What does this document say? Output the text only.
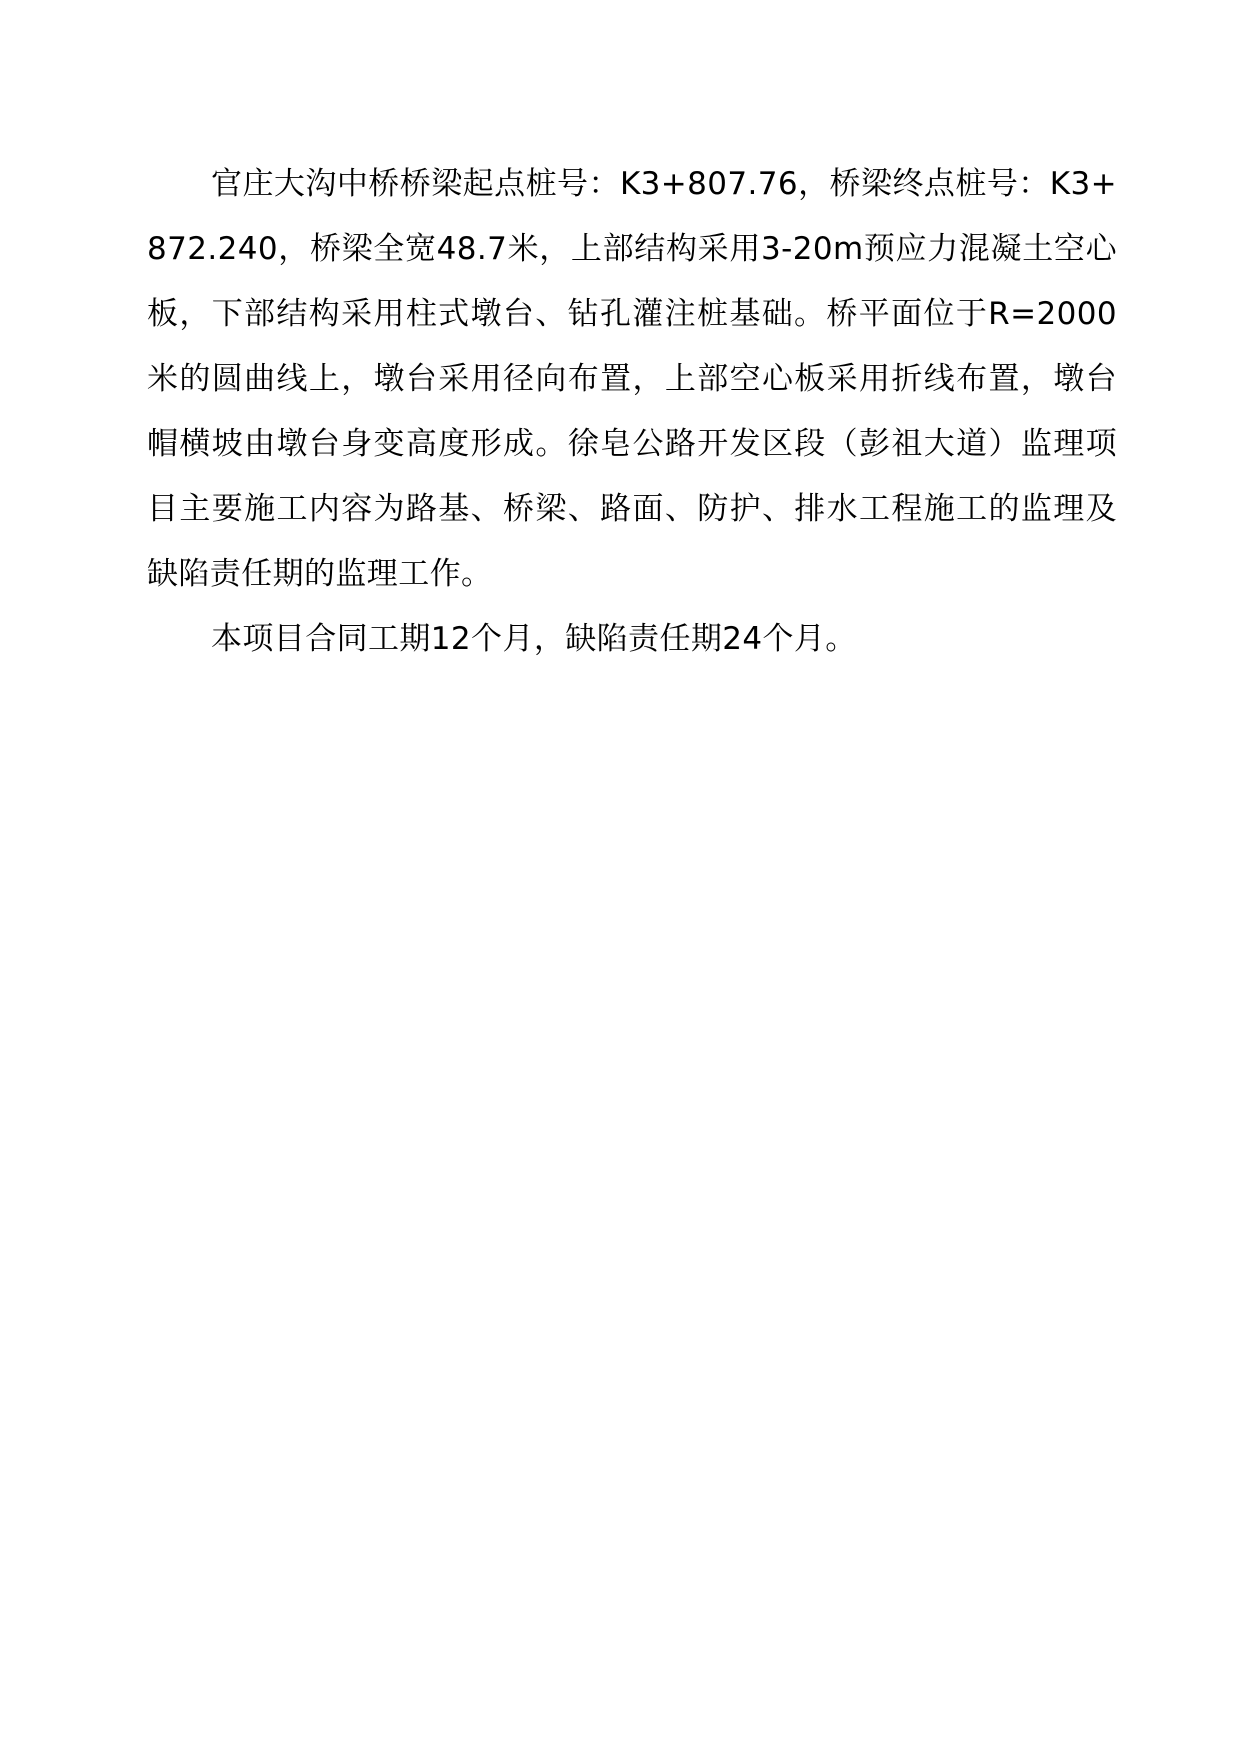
官庄大沟中桥桥梁起点桩号：K3+807.76，桥梁终点桩号：K3+872.240，桥梁全宽48.7米，上部结构采用3-20m预应力混凝土空心板，下部结构采用柱式墩台、钻孔灌注桩基础。桥平面位于R=2000米的圆曲线上，墩台采用径向布置，上部空心板采用折线布置，墩台帽横坡由墩台身变高度形成。徐皂公路开发区段（彭祖大道）监理项目主要施工内容为路基、桥梁、路面、防护、排水工程施工的监理及缺陷责任期的监理工作。

本项目合同工期12个月，缺陷责任期24个月。
